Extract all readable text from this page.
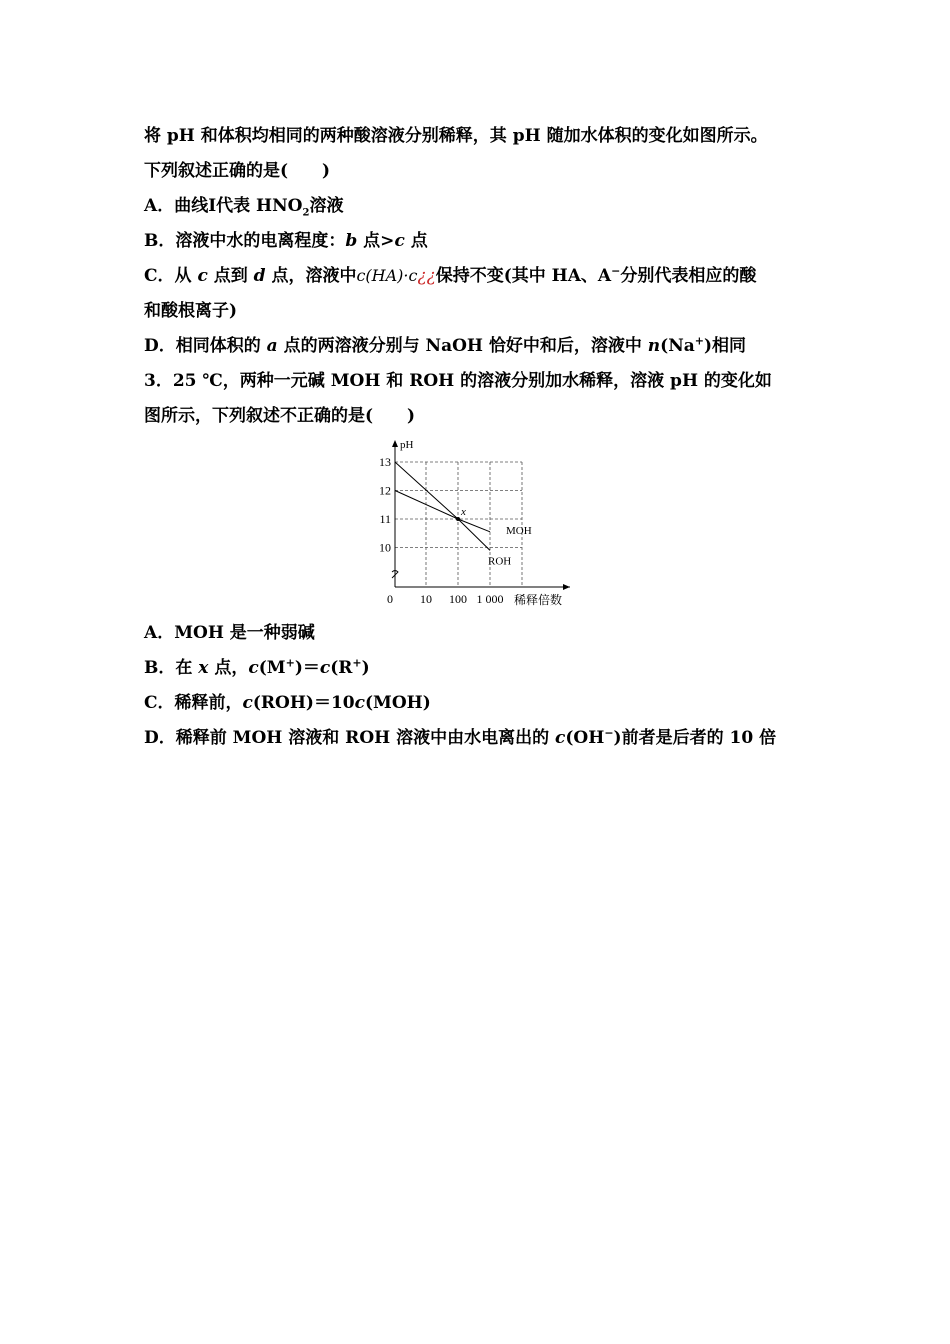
将 pH 和体积均相同的两种酸溶液分别稀释，其 pH 随加水体积的变化如图所示。
下列叙述正确的是(　　)
A．曲线Ⅰ代表 $HNO_2$溶液
B．溶液中水的电离程度：b 点>c 点
C．从 c 点到 d 点，溶液中c(HA)·c¿¿保持不变(其中 HA、A−分别代表相应的酸
和酸根离子)
D．相同体积的 a 点的两溶液分别与 NaOH 恰好中和后，溶液中 n(Na+)相同
3．25 ℃，两种一元碱 MOH 和 ROH 的溶液分别加水稀释，溶液 pH 的变化如
图所示，下列叙述不正确的是(　　)
A．MOH 是一种弱碱
B．在 x 点，c(M+)＝c(R+)
C．稀释前，c(ROH)＝10c(MOH)
D．稀释前 MOH 溶液和 ROH 溶液中由水电离出的 c(OH−)前者是后者的 10 倍
13
12
11
10
pH
0 10 100 1 000 稀释倍数
MOH
ROH
x
